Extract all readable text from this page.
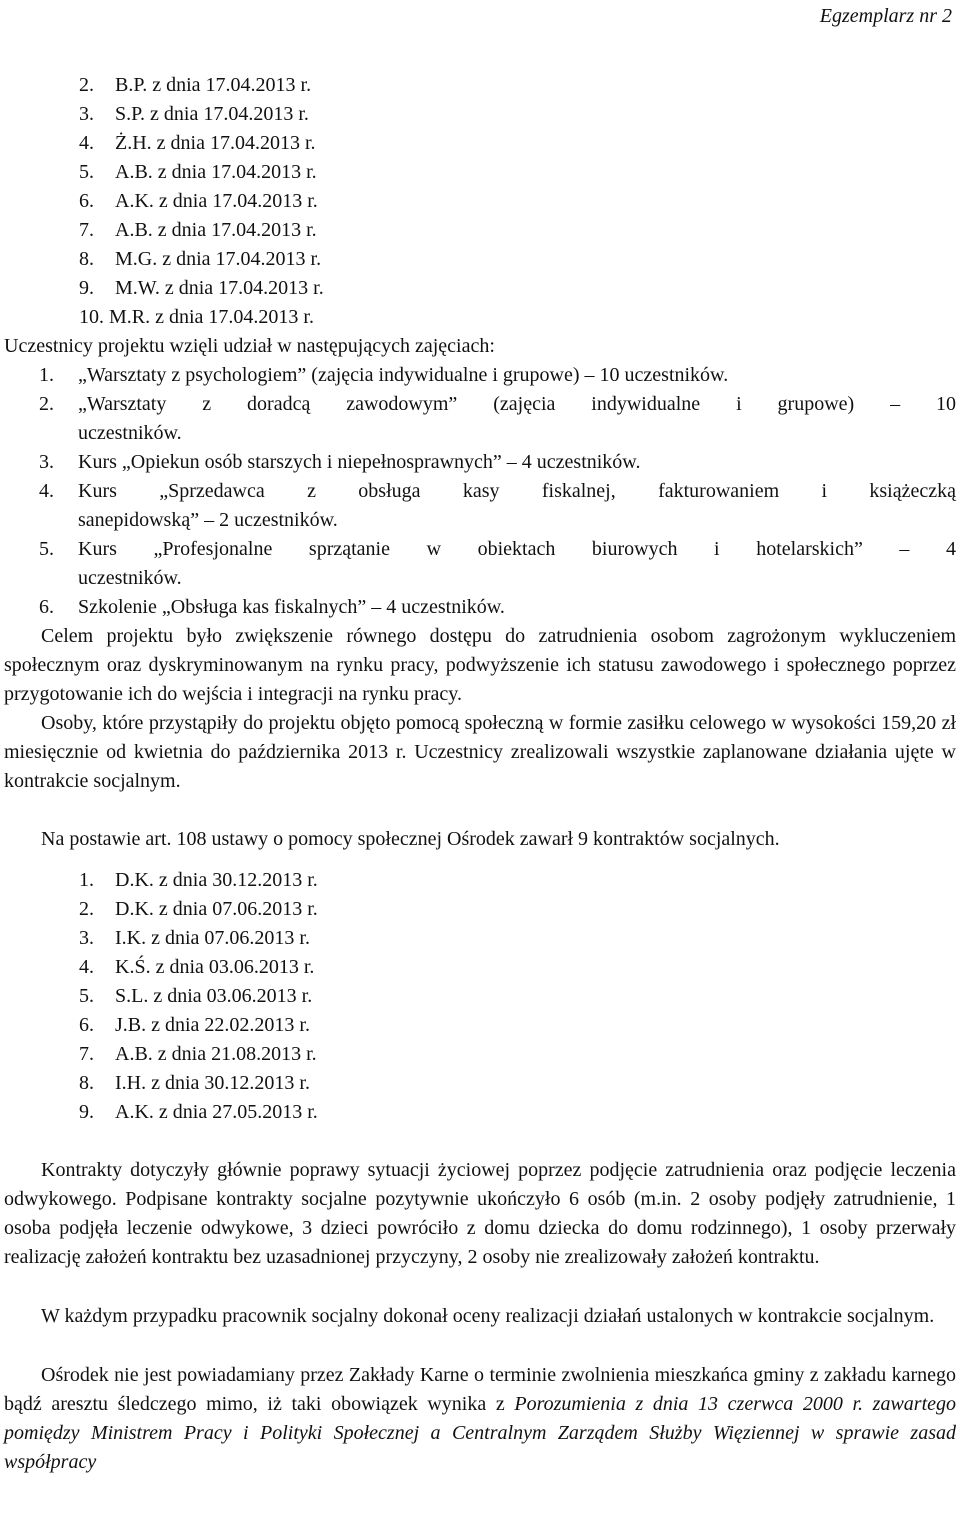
Egzemplarz nr 2
2. B.P. z dnia 17.04.2013 r.
3. S.P. z dnia 17.04.2013 r.
4. Ż.H. z dnia 17.04.2013 r.
5. A.B. z dnia 17.04.2013 r.
6. A.K. z dnia 17.04.2013 r.
7. A.B. z dnia 17.04.2013 r.
8. M.G. z dnia 17.04.2013 r.
9. M.W. z dnia 17.04.2013 r.
10. M.R. z dnia 17.04.2013 r.
Uczestnicy projektu wzięli udział w następujących zajęciach:
1. „Warsztaty z psychologiem” (zajęcia indywidualne i grupowe) – 10 uczestników.
2. „Warsztaty z doradcą zawodowym” (zajęcia indywidualne i grupowe) – 10
uczestników.
3. Kurs „Opiekun osób starszych i niepełnosprawnych” – 4 uczestników.
4. Kurs „Sprzedawca z obsługa kasy fiskalnej, fakturowaniem i książeczką
sanepidowską” – 2 uczestników.
5. Kurs „Profesjonalne sprzątanie w obiektach biurowych i hotelarskich” – 4
uczestników.
6. Szkolenie „Obsługa kas fiskalnych” – 4 uczestników.
Celem projektu było zwiększenie równego dostępu do zatrudnienia osobom zagrożonym wykluczeniem społecznym oraz dyskryminowanym na rynku pracy, podwyższenie ich statusu zawodowego i społecznego poprzez przygotowanie ich do wejścia i integracji na rynku pracy.
Osoby, które przystąpiły do projektu objęto pomocą społeczną w formie zasiłku celowego w wysokości 159,20 zł miesięcznie od kwietnia do października 2013 r. Uczestnicy zrealizowali wszystkie zaplanowane działania ujęte w kontrakcie socjalnym.
Na postawie art. 108 ustawy o pomocy społecznej Ośrodek zawarł 9 kontraktów socjalnych.
1. D.K. z dnia 30.12.2013 r.
2. D.K. z dnia 07.06.2013 r.
3. I.K. z dnia 07.06.2013 r.
4. K.Ś. z dnia 03.06.2013 r.
5. S.L. z dnia 03.06.2013 r.
6. J.B. z dnia 22.02.2013 r.
7. A.B. z dnia 21.08.2013 r.
8. I.H. z dnia 30.12.2013 r.
9. A.K. z dnia 27.05.2013 r.
Kontrakty dotyczyły głównie poprawy sytuacji życiowej poprzez podjęcie zatrudnienia oraz podjęcie leczenia odwykowego. Podpisane kontrakty socjalne pozytywnie ukończyło 6 osób (m.in. 2 osoby podjęły zatrudnienie, 1 osoba podjęła leczenie odwykowe, 3 dzieci powróciło z domu dziecka do domu rodzinnego), 1 osoby przerwały realizację założeń kontraktu bez uzasadnionej przyczyny, 2 osoby nie zrealizowały założeń kontraktu.
W każdym przypadku pracownik socjalny dokonał oceny realizacji działań ustalonych w kontrakcie socjalnym.
Ośrodek nie jest powiadamiany przez Zakłady Karne o terminie zwolnienia mieszkańca gminy z zakładu karnego bądź aresztu śledczego mimo, iż taki obowiązek wynika z Porozumienia z dnia 13 czerwca 2000 r. zawartego pomiędzy Ministrem Pracy i Polityki Społecznej a Centralnym Zarządem Służby Więziennej w sprawie zasad współpracy
